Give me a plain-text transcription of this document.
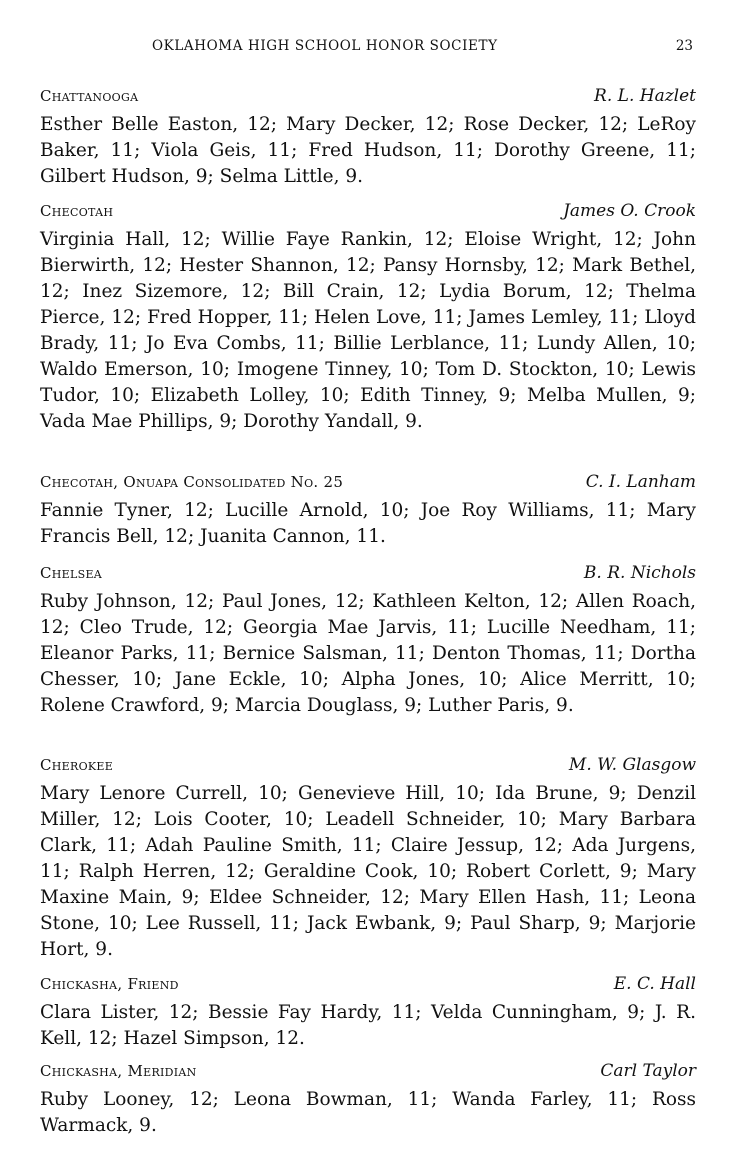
OKLAHOMA HIGH SCHOOL HONOR SOCIETY	23
Chattanooga	R. L. Hazlet

Esther Belle Easton, 12; Mary Decker, 12; Rose Decker, 12; LeRoy Baker, 11; Viola Geis, 11; Fred Hudson, 11; Dorothy Greene, 11; Gilbert Hudson, 9; Selma Little, 9.

Checotah	James O. Crook

Virginia Hall, 12; Willie Faye Rankin, 12; Eloise Wright, 12; John Bierwirth, 12; Hester Shannon, 12; Pansy Hornsby, 12; Mark Bethel, 12; Inez Sizemore, 12; Bill Crain, 12; Lydia Borum, 12; Thelma Pierce, 12; Fred Hopper, 11; Helen Love, 11; James Lemley, 11; Lloyd Brady, 11; Jo Eva Combs, 11; Billie Lerblance, 11; Lundy Allen, 10; Waldo Emerson, 10; Imogene Tinney, 10; Tom D. Stockton, 10; Lewis Tudor, 10; Elizabeth Lolley, 10; Edith Tinney, 9; Melba Mullen, 9; Vada Mae Phillips, 9; Dorothy Yandall, 9.

Checotah, Onuapa Consolidated No. 25	C. I. Lanham

Fannie Tyner, 12; Lucille Arnold, 10; Joe Roy Williams, 11; Mary Francis Bell, 12; Juanita Cannon, 11.

Chelsea	B. R. Nichols

Ruby Johnson, 12; Paul Jones, 12; Kathleen Kelton, 12; Allen Roach, 12; Cleo Trude, 12; Georgia Mae Jarvis, 11; Lucille Needham, 11; Eleanor Parks, 11; Bernice Salsman, 11; Denton Thomas, 11; Dortha Chesser, 10; Jane Eckle, 10; Alpha Jones, 10; Alice Merritt, 10; Rolene Crawford, 9; Marcia Douglass, 9; Luther Paris, 9.

Cherokee	M. W. Glasgow

Mary Lenore Currell, 10; Genevieve Hill, 10; Ida Brune, 9; Denzil Miller, 12; Lois Cooter, 10; Leadell Schneider, 10; Mary Barbara Clark, 11; Adah Pauline Smith, 11; Claire Jessup, 12; Ada Jurgens, 11; Ralph Herren, 12; Geraldine Cook, 10; Robert Corlett, 9; Mary Maxine Main, 9; Eldee Schneider, 12; Mary Ellen Hash, 11; Leona Stone, 10; Lee Russell, 11; Jack Ewbank, 9; Paul Sharp, 9; Marjorie Hort, 9.

Chickasha, Friend	E. C. Hall

Clara Lister, 12; Bessie Fay Hardy, 11; Velda Cunningham, 9; J. R. Kell, 12; Hazel Simpson, 12.

Chickasha, Meridian	Carl Taylor

Ruby Looney, 12; Leona Bowman, 11; Wanda Farley, 11; Ross Warmack, 9.
